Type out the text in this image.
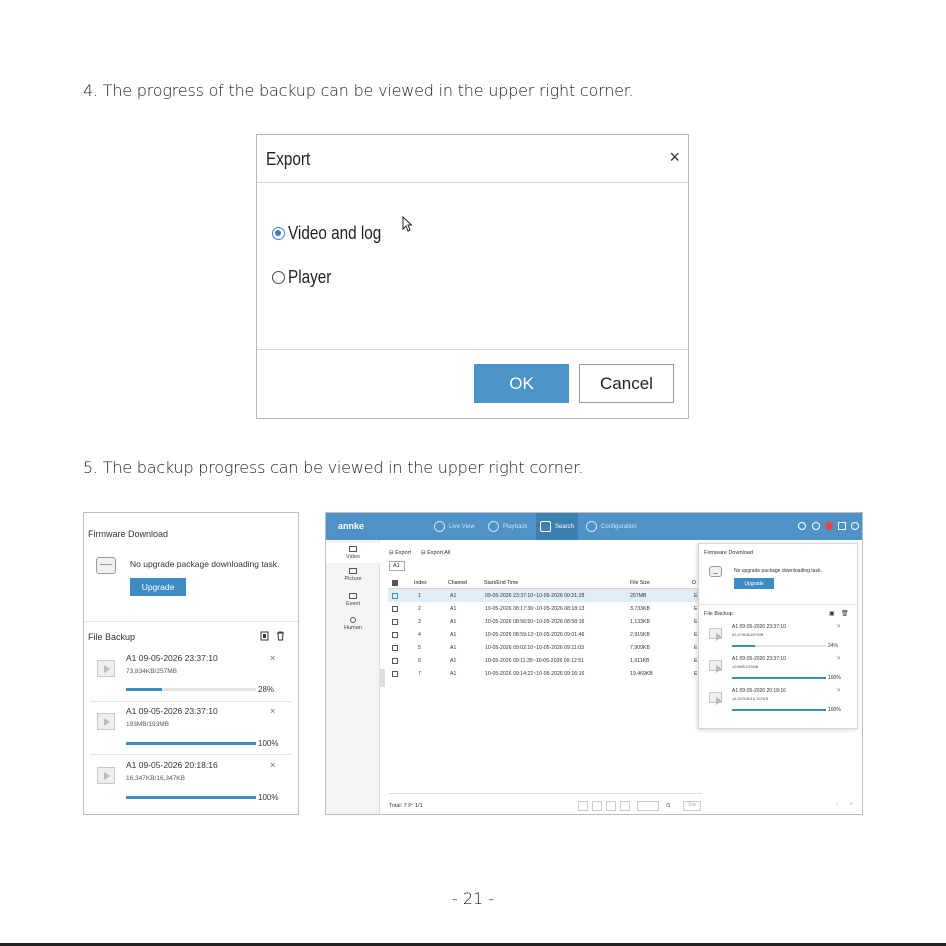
4. The progress of the backup can be viewed in the upper right corner.
Export	×
Video and log
Player
OK	Cancel
5. The backup progress can be viewed in the upper right corner.
Firmware Download
No upgrade package downloading task.
Upgrade
File Backup
A1 09-05-2026 23:37:10
73,834KB/257MB
×
28%
A1 09-05-2026 23:37:10
193MB/193MB
×
100%
A1 09-05-2026 20:18:16
16,347KB/16,347KB
×
100%
annke	Live View	Playback	Search	Configuration
Video
Picture
Event
Human
⊟ Export ⊟ Export All
A1
Index	Channel	Start/End Time	File Size	O
1	A1	09-05-2026 23:37:10~10-05-2026 00:21:28	257MB	E
2	A1	10-05-2026 08:17:36~10-05-2026 08:18:13	3,733KB	E
3	A1	10-05-2026 08:56:50~10-05-2026 08:58:16	1,133KB	E
4	A1	10-05-2026 08:59:12~10-05-2026 09:01:46	2,915KB	E
5	A1	10-05-2026 09:02:10~10-05-2026 09:11:03	7,909KB	E
6	A1	10-05-2026 09:11:35~10-05-2026 09:12:51	1,911KB	E
7	A1	10-05-2026 09:14:22~10-05-2026 09:16:16	19,469KB	E
Total: 7 P: 1/1	/1	Go	‹ ›
Firmware Download
No upgrade package downloading task.
Upgrade
File Backup	▣ 🗑
A1 09-05-2026 23:37:10
63,379KB/257MB
×
24%
A1 09-05-2026 23:37:10
193MB/193MB
×
100%
A1 09-05-2026 20:18:16
16,347KB/16,347KB
×
100%
- 21 -
